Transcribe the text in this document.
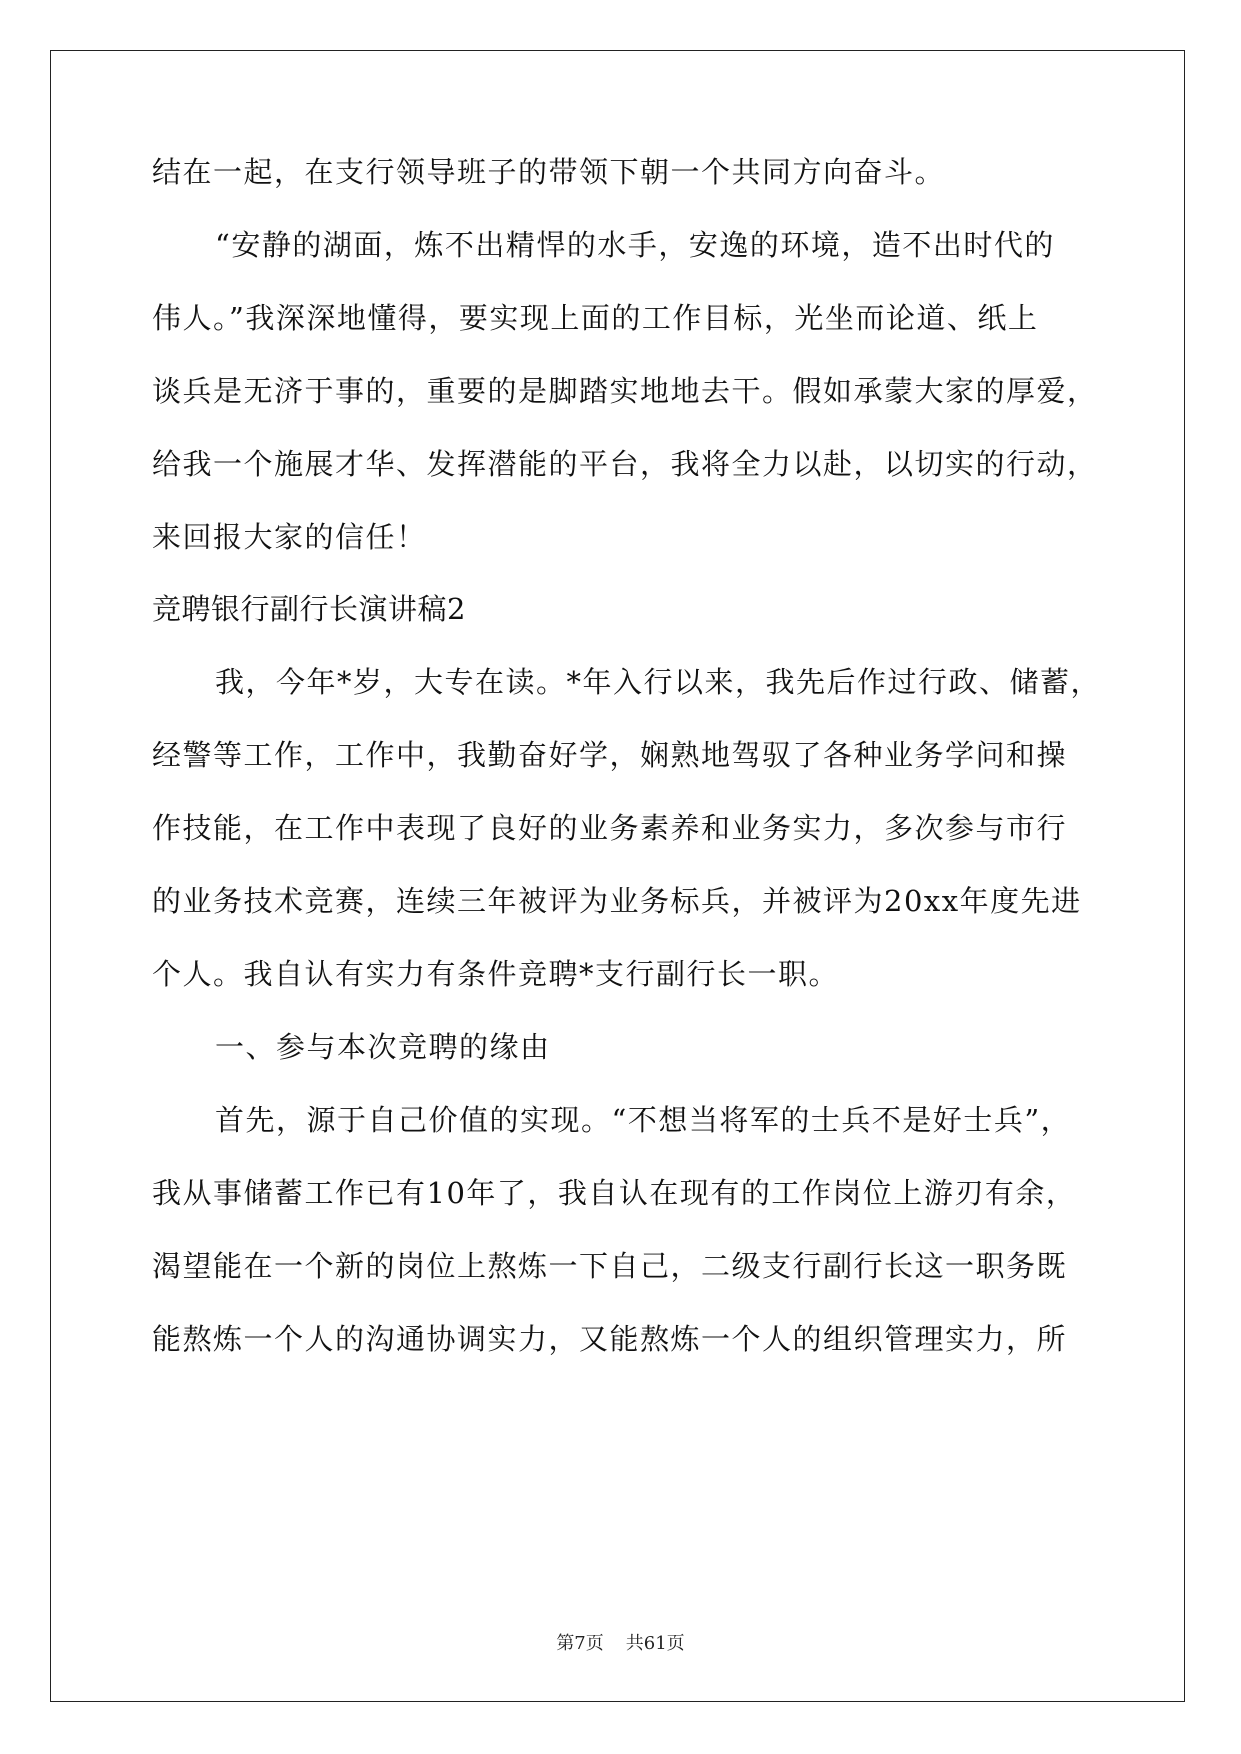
结在一起，在支行领导班子的带领下朝一个共同方向奋斗。
“安静的湖面，炼不出精悍的水手，安逸的环境，造不出时代的
伟人。”我深深地懂得，要实现上面的工作目标，光坐而论道、纸上
谈兵是无济于事的，重要的是脚踏实地地去干。假如承蒙大家的厚爱，
给我一个施展才华、发挥潜能的平台，我将全力以赴，以切实的行动，
来回报大家的信任！
竞聘银行副行长演讲稿2
我，今年*岁，大专在读。*年入行以来，我先后作过行政、储蓄，
经警等工作，工作中，我勤奋好学，娴熟地驾驭了各种业务学问和操
作技能，在工作中表现了良好的业务素养和业务实力，多次参与市行
的业务技术竞赛，连续三年被评为业务标兵，并被评为20xx年度先进
个人。我自认有实力有条件竞聘*支行副行长一职。
一、参与本次竞聘的缘由
首先，源于自己价值的实现。“不想当将军的士兵不是好士兵”，
我从事储蓄工作已有10年了，我自认在现有的工作岗位上游刃有余，
渴望能在一个新的岗位上熬炼一下自己，二级支行副行长这一职务既
能熬炼一个人的沟通协调实力，又能熬炼一个人的组织管理实力，所
第7页 共61页
